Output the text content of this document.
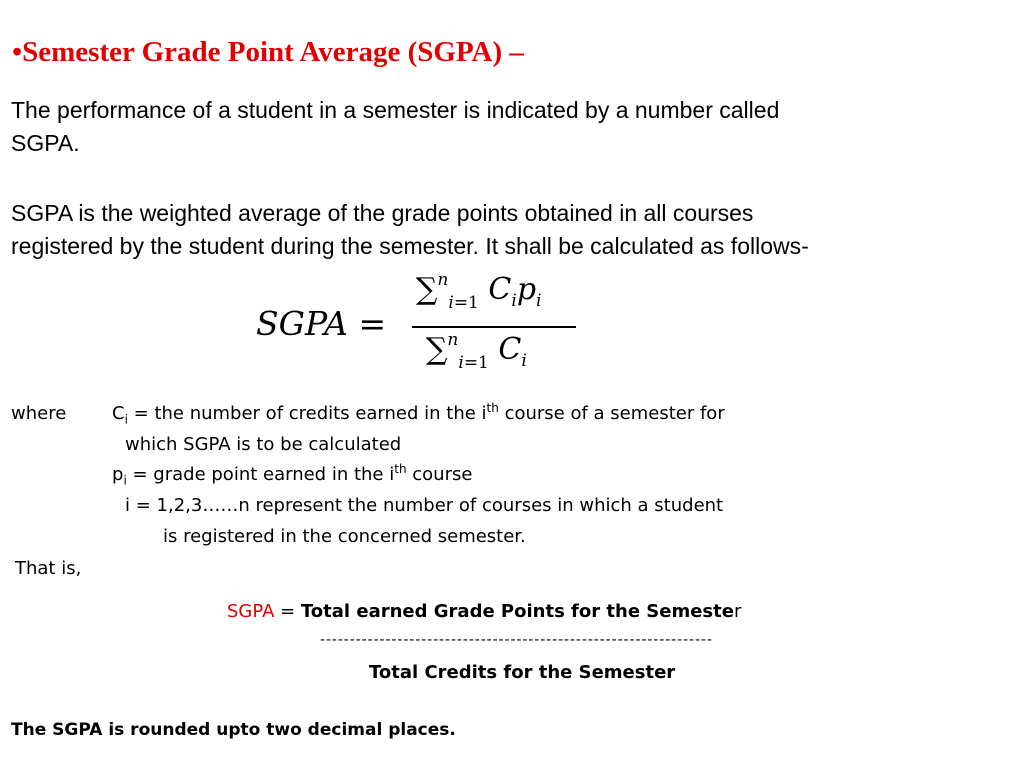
•Semester Grade Point Average (SGPA) –
The performance of a student in a semester is indicated by a number called
SGPA.
SGPA is the weighted average of the grade points obtained in all courses
registered by the student during the semester. It shall be calculated as follows-
SGPA =
∑$^n_{i=1}$ $C_ip_i$
∑$^n_{i=1}$ $C_i$
where	$C_i$ = the number of credits earned in the $i^{th}$ course of a semester for
which SGPA is to be calculated
$p_i$ = grade point earned in the $i^{th}$ course
i = 1,2,3……n represent the number of courses in which a student
is registered in the concerned semester.
That is,
SGPA = Total earned Grade Points for the Semester
------------------------------------------------------------------
Total Credits for the Semester
The SGPA is rounded upto two decimal places.
